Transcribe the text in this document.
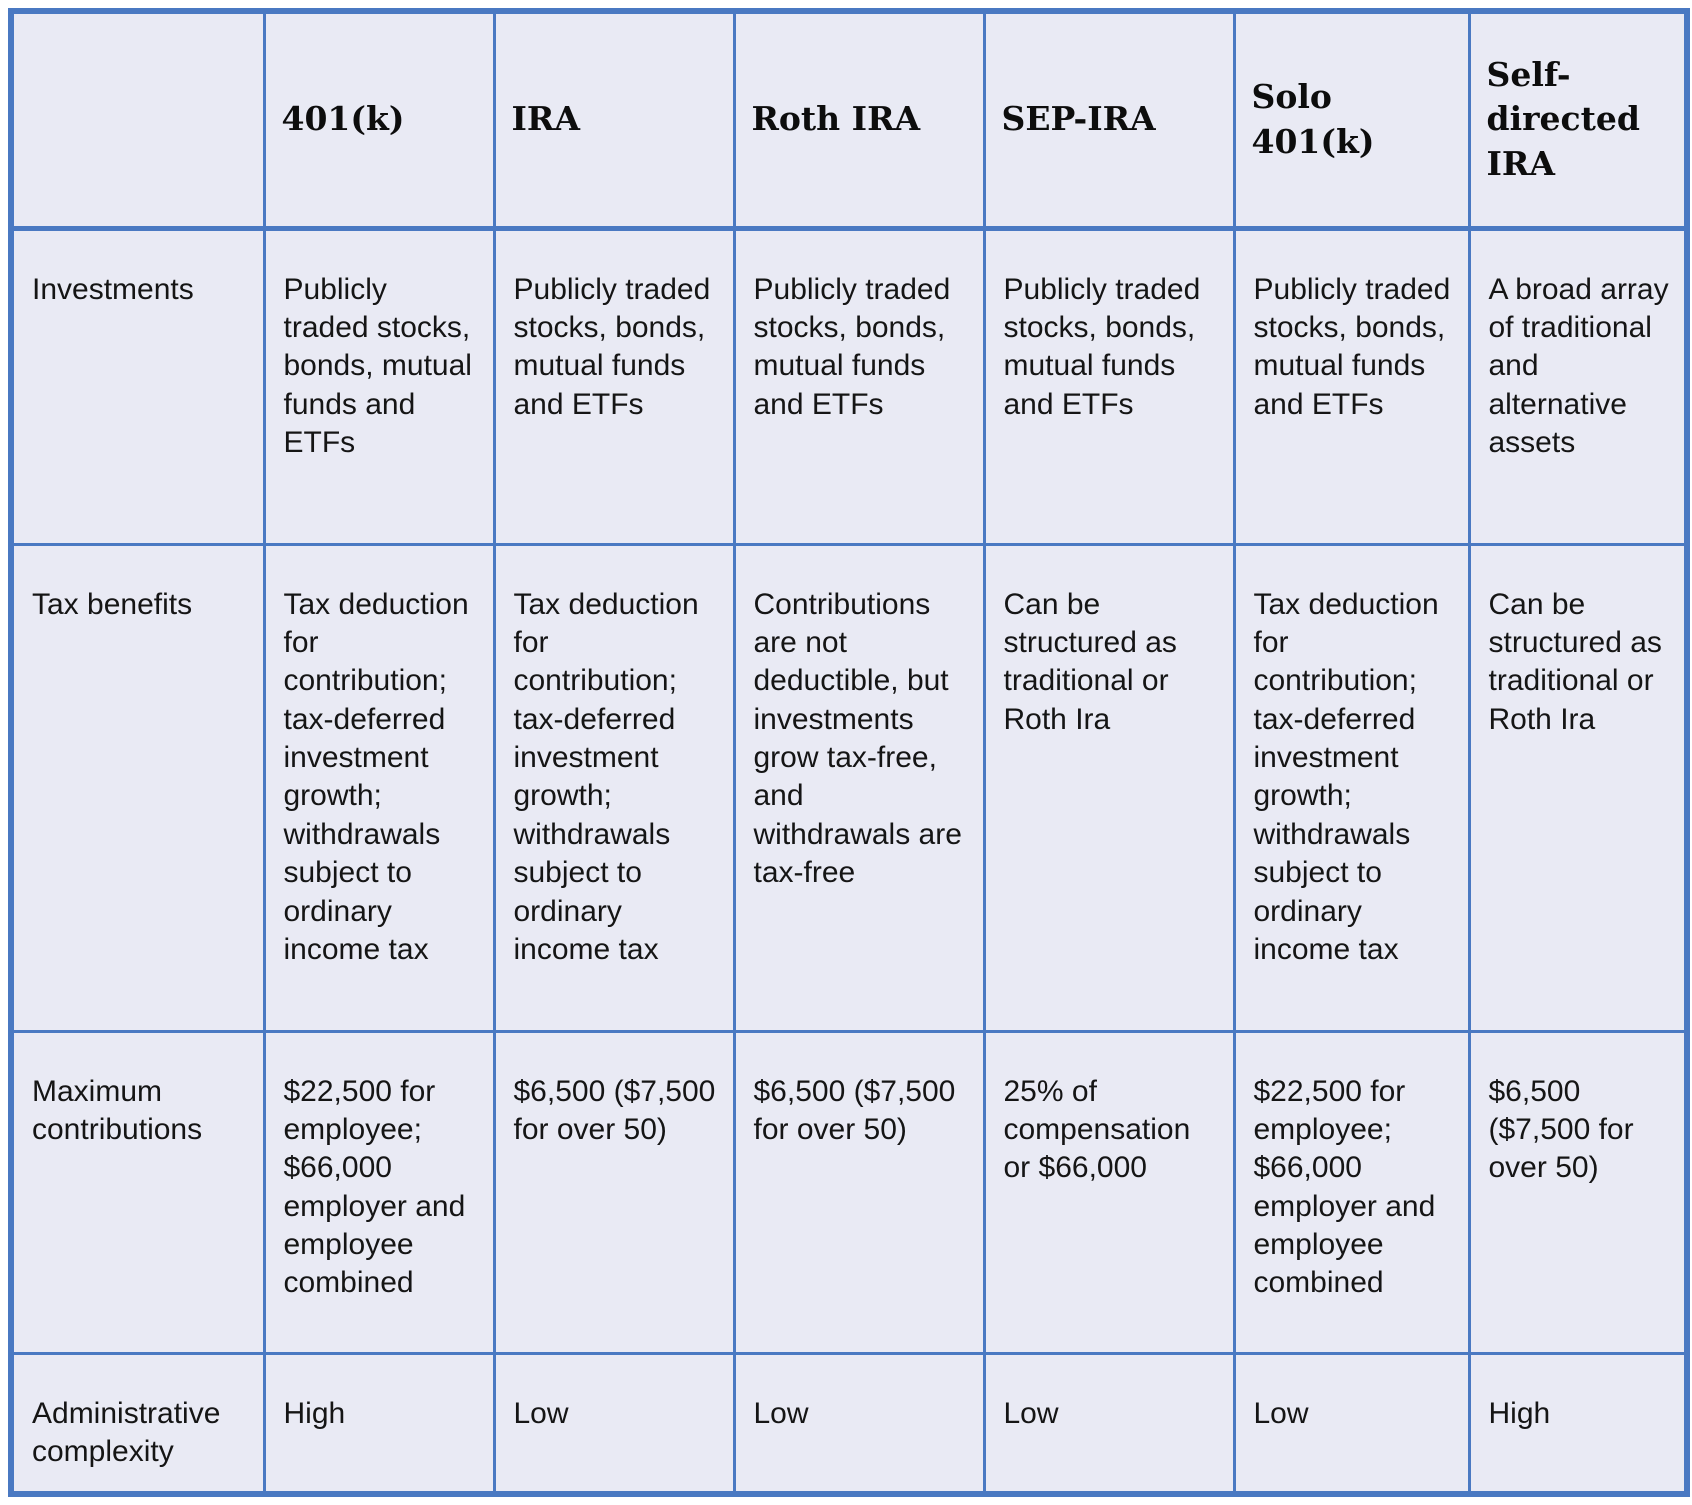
	401(k)	IRA	Roth IRA	SEP-IRA	Solo 401(k)	Self-directed IRA
Investments	Publicly traded stocks, bonds, mutual funds and ETFs	Publicly traded stocks, bonds, mutual funds and ETFs	Publicly traded stocks, bonds, mutual funds and ETFs	Publicly traded stocks, bonds, mutual funds and ETFs	Publicly traded stocks, bonds, mutual funds and ETFs	A broad array of traditional and alternative assets
Tax benefits	Tax deduction for contribution; tax-deferred investment growth; withdrawals subject to ordinary income tax	Tax deduction for contribution; tax-deferred investment growth; withdrawals subject to ordinary income tax	Contributions are not deductible, but investments grow tax-free, and withdrawals are tax-free	Can be structured as traditional or Roth Ira	Tax deduction for contribution; tax-deferred investment growth; withdrawals subject to ordinary income tax	Can be structured as traditional or Roth Ira
Maximum contributions	$22,500 for employee; $66,000 employer and employee combined	$6,500 ($7,500 for over 50)	$6,500 ($7,500 for over 50)	25% of compensation or $66,000	$22,500 for employee; $66,000 employer and employee combined	$6,500 ($7,500 for over 50)
Administrative complexity	High	Low	Low	Low	Low	High
